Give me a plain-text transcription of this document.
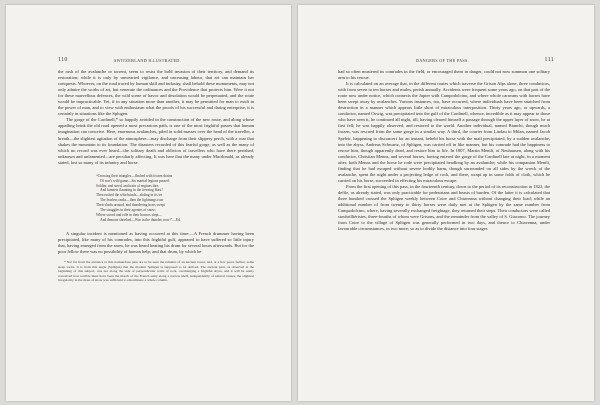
110	SWITZERLAND ILLUSTRATED.

the rush of the avalanche or torrent, seem to resist the bold invasion of their territory, and demand its restoration; while it is only by unwearied vigilance, and unceasing labour, that art can maintain her conquests. Whoever, on the road traced by human skill and industry, shall behold these monuments, may not only admire the works of art, but venerate the ordinances and the Providence that protects him. Were it not for these marvellous defences, the wild scene of havoc and desolation would be perpetuated, and the route would be impracticable. Yet, if in any situation more than another, it may be permitted for man to exult in the power of man, and to view with enthusiasm what the proofs of his successful and daring enterprise, it is certainly in situations like the Splugen.

The gorge of the Cardinell,* so happily avoided in the construction of the new route, and along whose appalling brink the old road opened a most precarious path, is one of the most frightful passes that human imagination can conceive. Here, enormous avalanches, piled in solid masses over the head of the traveller, a breath—the slightest agitation of the atmosphere—may discharge from their slippery perch, with a roar that shakes the mountain to its foundation. The disasters recorded of this fearful gorge, as well as the many of which no record was ever heard—the solitary death and oblivion of travellers who have there perished, unknown and unlamented—are peculiarly affecting. It was here that the many under Macdonald, as already stated, lost so many of its infantry and horse.

“Crossing their triangles—flashed with frozen drains
Of war's wild game—his martial legions passed:
Soldier, and steed, and train of engines dire,
And bonnets flaunting in the freezing blast!
Then rushed the whirlwinds—sliding in its ire
The fearless ranks—then the lightnings roar
Their shafts around, and thundering hosts swept
The struggles in their agonies of snow;
Where sword and rifle in their horrors slept—
And demons shrieked—War in the thunder, now!”—Ed.

A singular incident is mentioned as having occurred at this time:—A French drummer having been precipitated, like many of his comrades, into this frightful gulf, appeared to have suffered so little injury that, having emerged from the snow, he was heard beating his drum for several hours afterwards. But for the poor fellow there was no possibility of human help; and that drum, by which he

* Not far from the entrance to this tremendous pass are to be seen the remains of an ancient tower, and, at a few paces farther, some steep rocks. It is from this angle (Splügen) that the modern Splügen is supposed to be derived. The ancient pass, as observed at the beginning of this subject, was not along the side of perpendicular walls of rock, overhanging a frightful abyss, and it will be easily conceived how terrible must have been the march of the French army along a narrow shelf, independently of natural causes, the slightest irregularity in the mass of snow was sufficient to exterminate a whole column.
DANGERS OF THE PASS.	111

had so often mustered its comrades in the field, or encouraged them in danger, could not now summon one solitary arm to his rescue.

It is calculated on an average that, in the different routes which traverse the Grison Alps alone, three conductors, with from seven to ten horses and mules, perish annually. Accidents were frequent some years ago, on that part of the route now under notice, which connects the Jupier with Campodolcino, and where whole caravans with horses have been swept away by avalanches. Various instances, too, have occurred, where individuals have been snatched from destruction in a manner which appears little short of miraculous interposition. Thirty years ago, or upwards, a conductor, named Oswig, was precipitated into the gulf of the Cardinell, whence, incredible as it may appear to those who have seen it, he continued all night, till, having cleared himself a passage through the upper layer of snow, he at first fell; he was happily observed, and restored to the world. Another individual, named Bianchi, though much frozen, was rescued from the same gorge in a similar way. A third, the courier from Lindau to Milan, named Jacob Speleir, happening to disconcert for an instant, beheld his horse with the mail precipitated, by a sudden avalanche, into the abyss. Andreas Schwartz, of Splügen, was carried off in like manner, but his comrade had the happiness to rescue him, though apparently dead, and restore him to life. In 1807, Martin Menili, of Neuhausen, along with his conductor, Christian Menns, and several horses, having entered the gorge of the Cardinell late at night, in a moment after, both Menns and the horse he rode were precipitated headlong by an avalanche; while his companion Menili, finding that he had escaped without severe bodily harm, though surrounded on all sides by the wreck of the avalanche, spent the night under a projecting ledge of rock, and there, wrapt up in some folds of cloth, which he carried on his horse, succeeded in effecting his miraculous escape.

From the first opening of this pass, in the fourteenth century, down to the period of its reconstruction in 1822, the defile, as already stated, was only practicable for pedestrians and beasts of burden. Of the latter it is calculated that three hundred crossed the Splügen weekly between Coire and Chiavenna without changing their load; while an additional number of from twenty to thirty horses were daily met at the Splügen by the same number from Campodolcino, where, having severally exchanged freightage, they returned their steps. Their conductors were called stoubrilliéristes, three-fourths of whom were Grisons, and the remainder from the valley of S. Giacomo. The journey from Coire to the village of Splügen was generally performed in two days, and thence to Chiavenna, under favourable circumstances, in two more; so as to divide the distance into four stages
